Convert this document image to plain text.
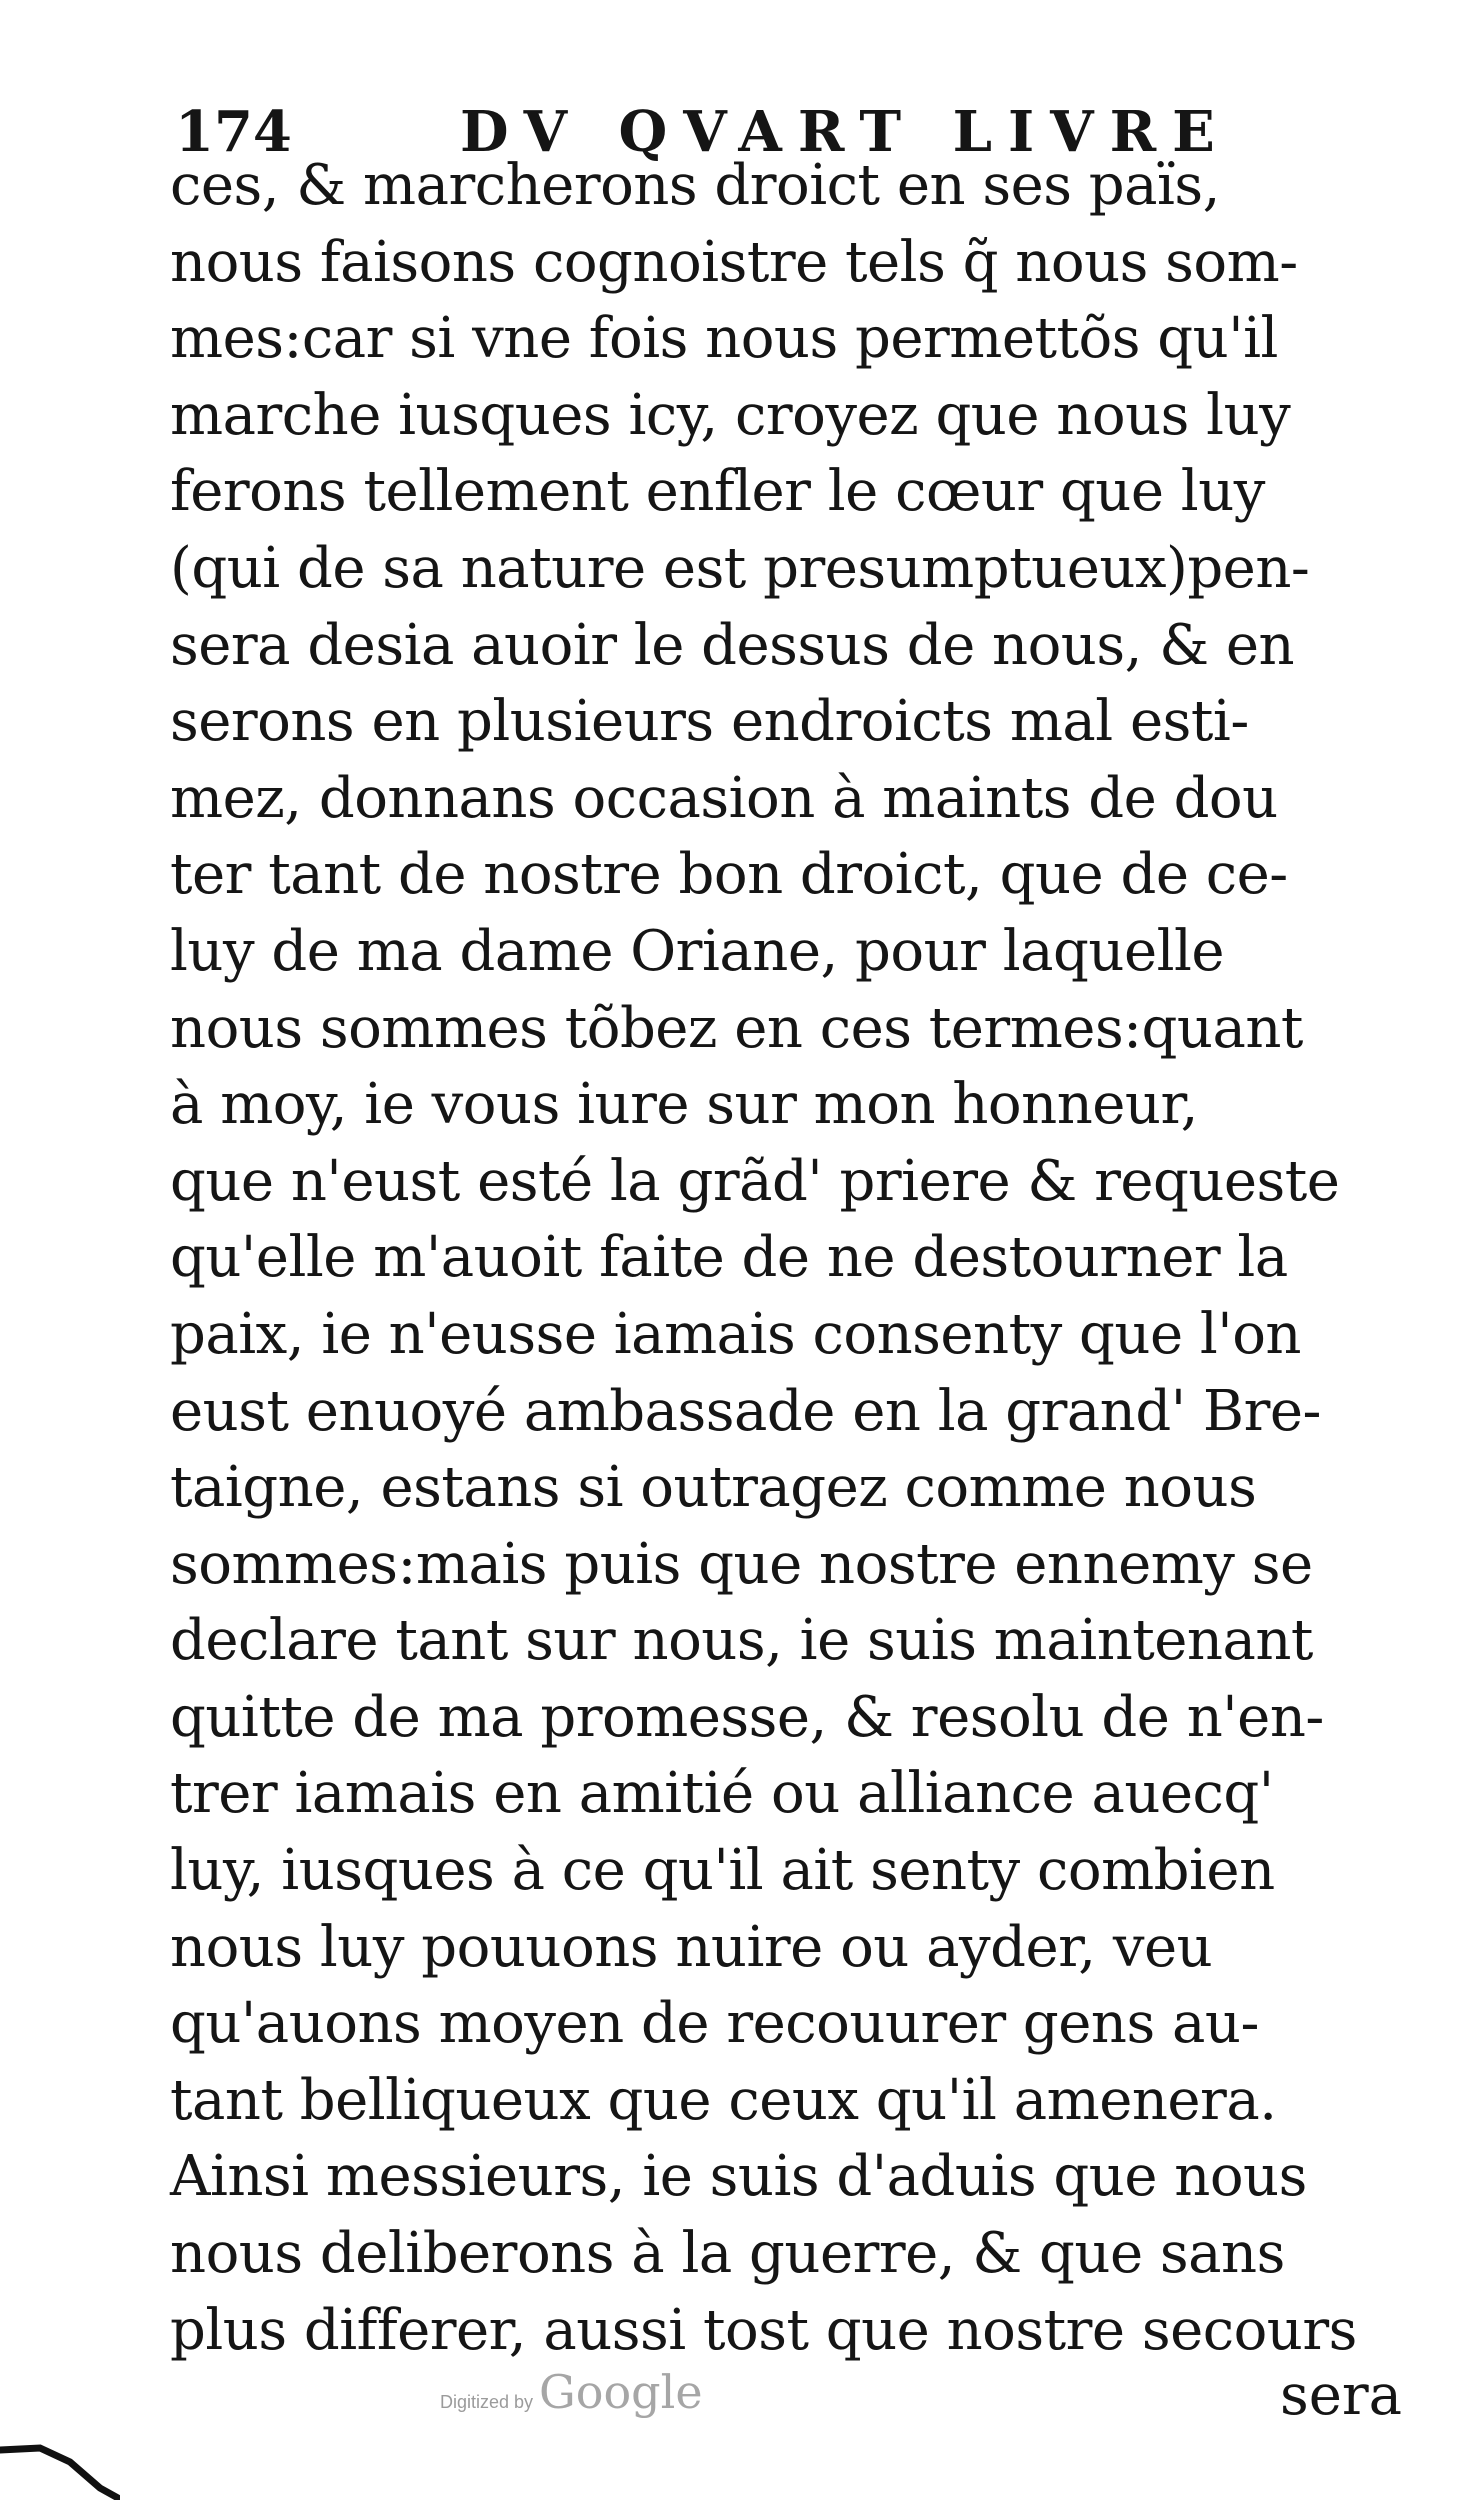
174	DV QVART LIVRE
ces, & marcherons droict en ses païs,
nous faisons cognoistre tels q̃ nous som-
mes:car si vne fois nous permettõs qu'il
marche iusques icy, croyez que nous luy
ferons tellement enfler le cœur que luy
(qui de sa nature est presumptueux)pen-
sera desia auoir le dessus de nous, & en
serons en plusieurs endroicts mal esti-
mez, donnans occasion à maints de dou
ter tant de nostre bon droict, que de ce-
luy de ma dame Oriane, pour laquelle
nous sommes tõbez en ces termes:quant
à moy, ie vous iure sur mon honneur,
que n'eust esté la grãd' priere & requeste
qu'elle m'auoit faite de ne destourner la
paix, ie n'eusse iamais consenty que l'on
eust enuoyé ambassade en la grand' Bre-
taigne, estans si outragez comme nous
sommes:mais puis que nostre ennemy se
declare tant sur nous, ie suis maintenant
quitte de ma promesse, & resolu de n'en-
trer iamais en amitié ou alliance auecq'
luy, iusques à ce qu'il ait senty combien
nous luy pouuons nuire ou ayder, veu
qu'auons moyen de recouurer gens au-
tant belliqueux que ceux qu'il amenera.
Ainsi messieurs, ie suis d'aduis que nous
nous deliberons à la guerre, & que sans
plus differer, aussi tost que nostre secours
sera
Digitized by Google
